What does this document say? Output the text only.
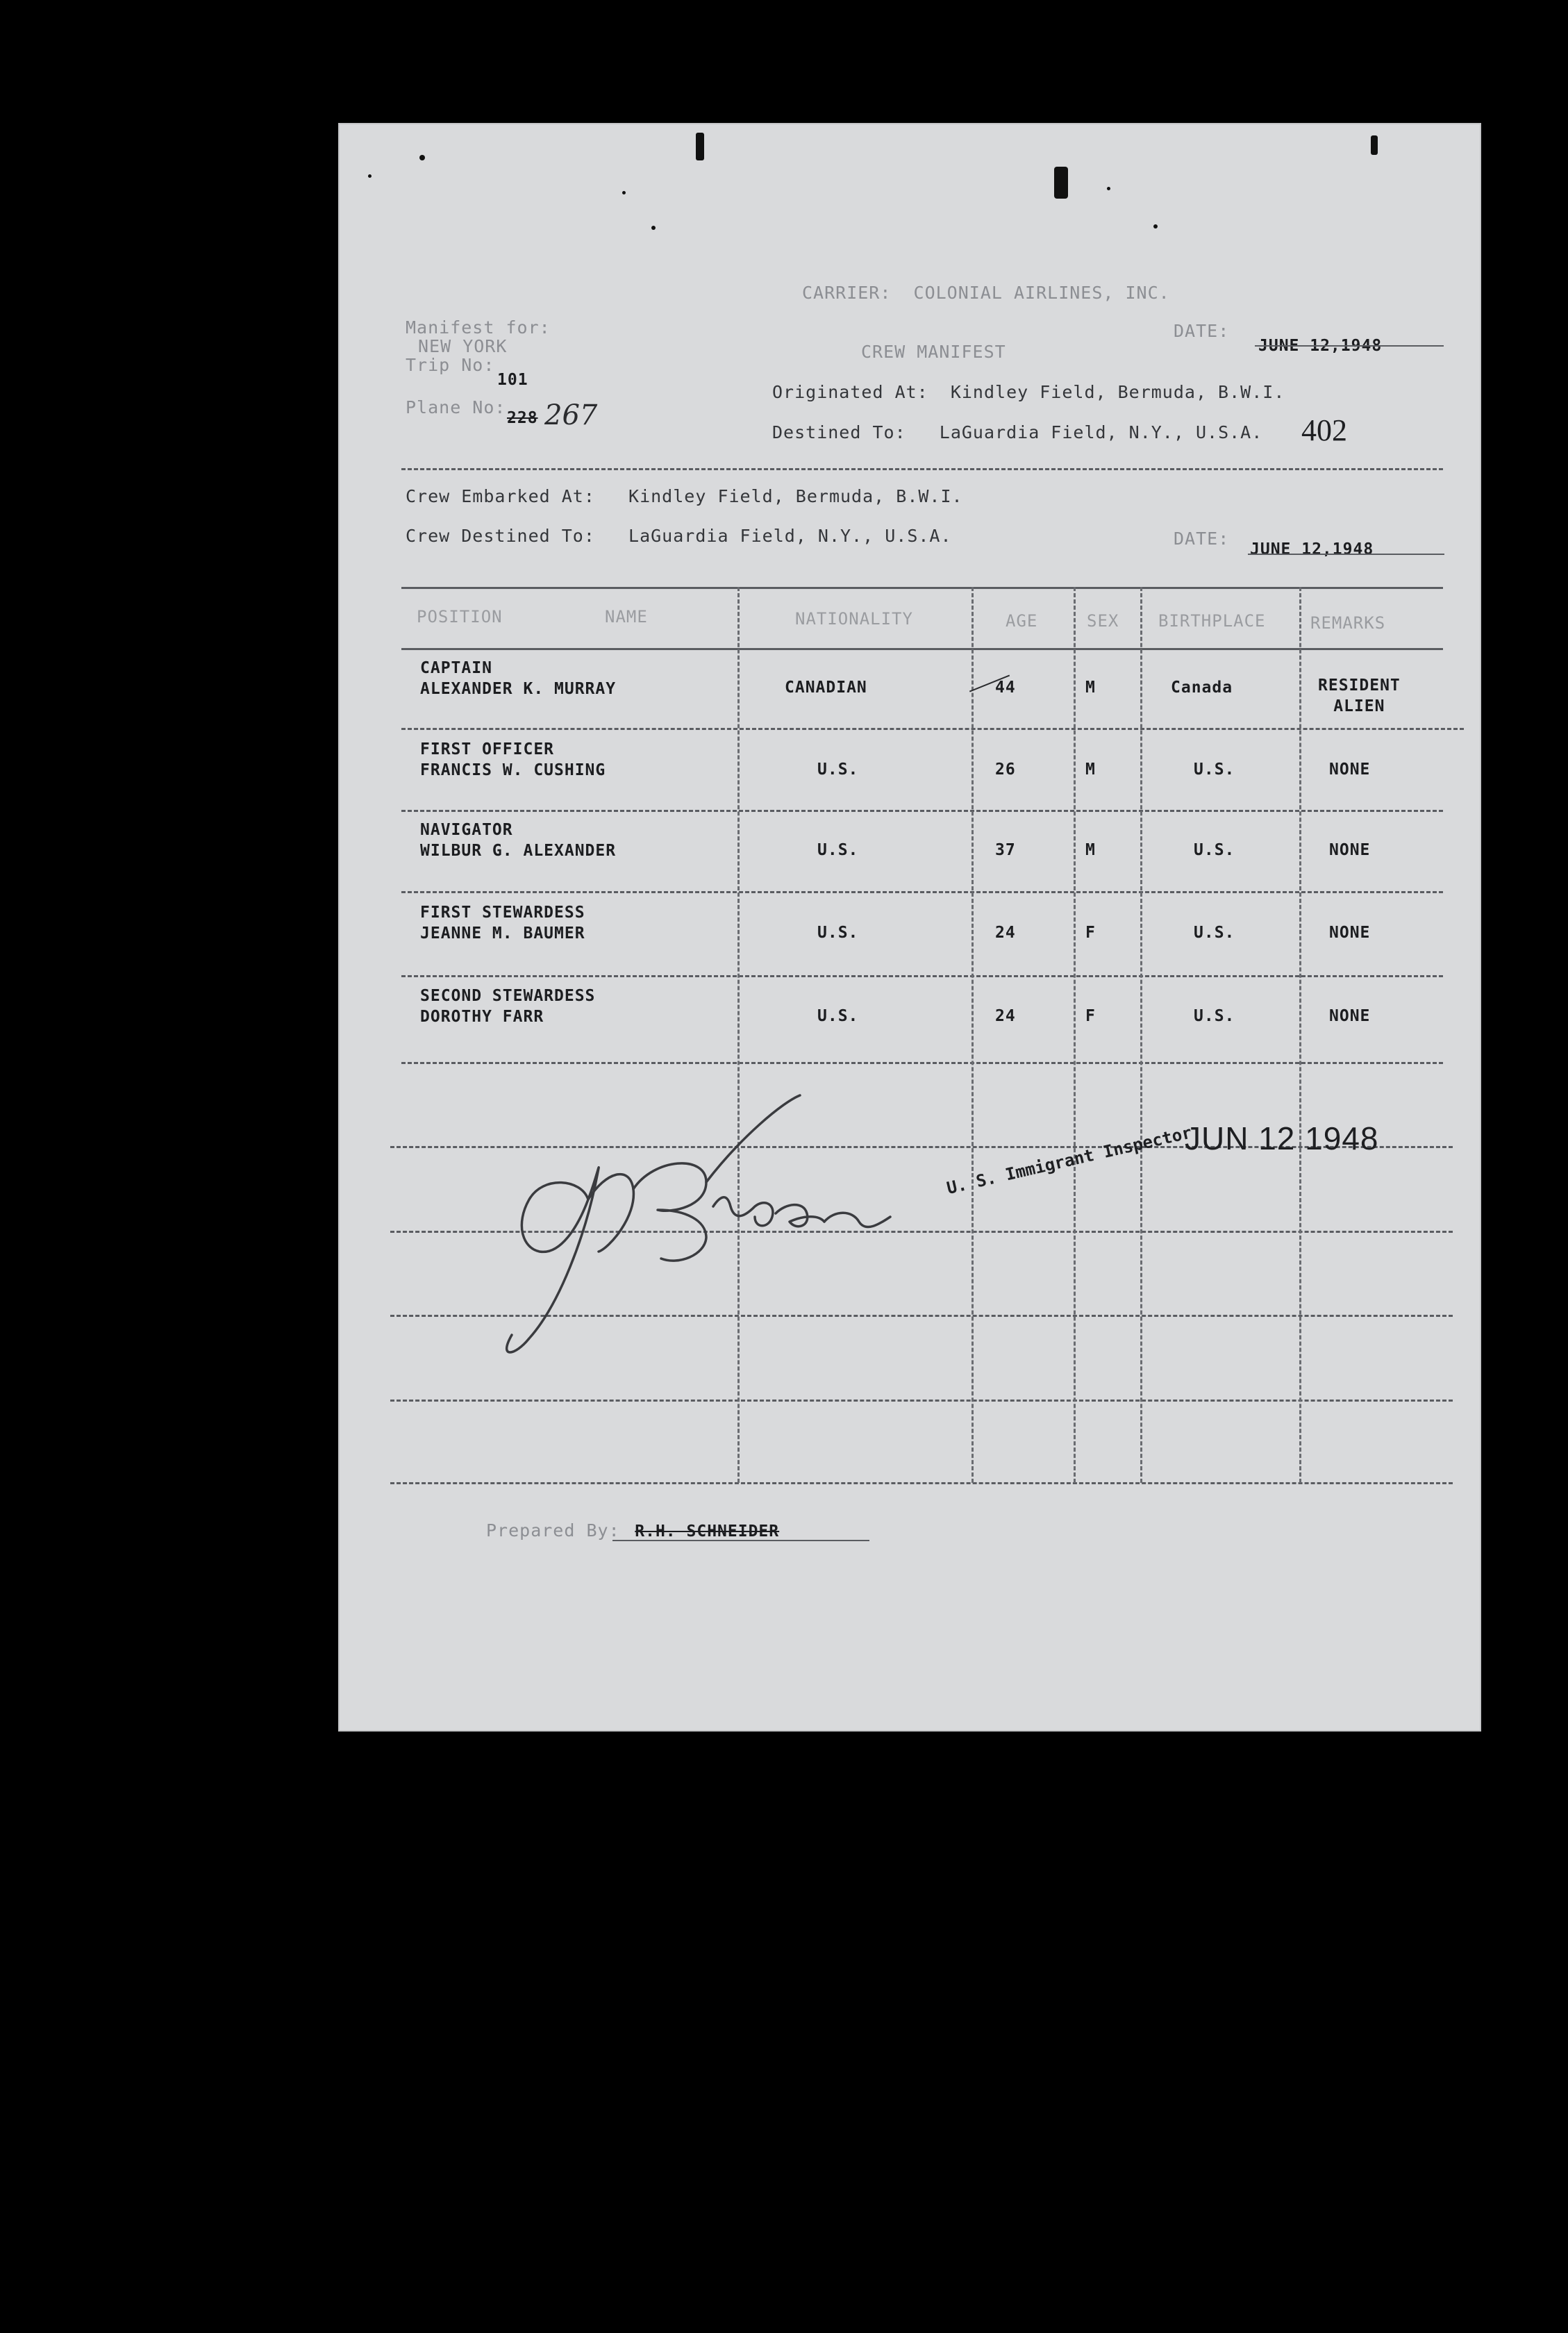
CARRIER: COLONIAL AIRLINES, INC.
Manifest for:
NEW YORK
Trip No:
101
Plane No:
228 267
CREW MANIFEST
DATE:
JUNE 12,1948
Originated At: Kindley Field, Bermuda, B.W.I.
Destined To: LaGuardia Field, N.Y., U.S.A. 402
Crew Embarked At: Kindley Field, Bermuda, B.W.I.
Crew Destined To: LaGuardia Field, N.Y., U.S.A.	DATE:
JUNE 12,1948
POSITION	NAME	NATIONALITY	AGE	SEX BIRTHPLACE	REMARKS
CAPTAIN
ALEXANDER K. MURRAY	CANADIAN	44	M	Canada	RESIDENT
ALIEN
FIRST OFFICER
FRANCIS W. CUSHING	U.S.	26	M	U.S.	NONE
NAVIGATOR
WILBUR G. ALEXANDER	U.S.	37	M	U.S.	NONE
FIRST STEWARDESS
JEANNE M. BAUMER	U.S.	24	F	U.S.	NONE
SECOND STEWARDESS
DOROTHY FARR	U.S.	24	F	U.S.	NONE
U. S. Immigrant Inspector
JUN 12 1948
Prepared By: R.H. SCHNEIDER
